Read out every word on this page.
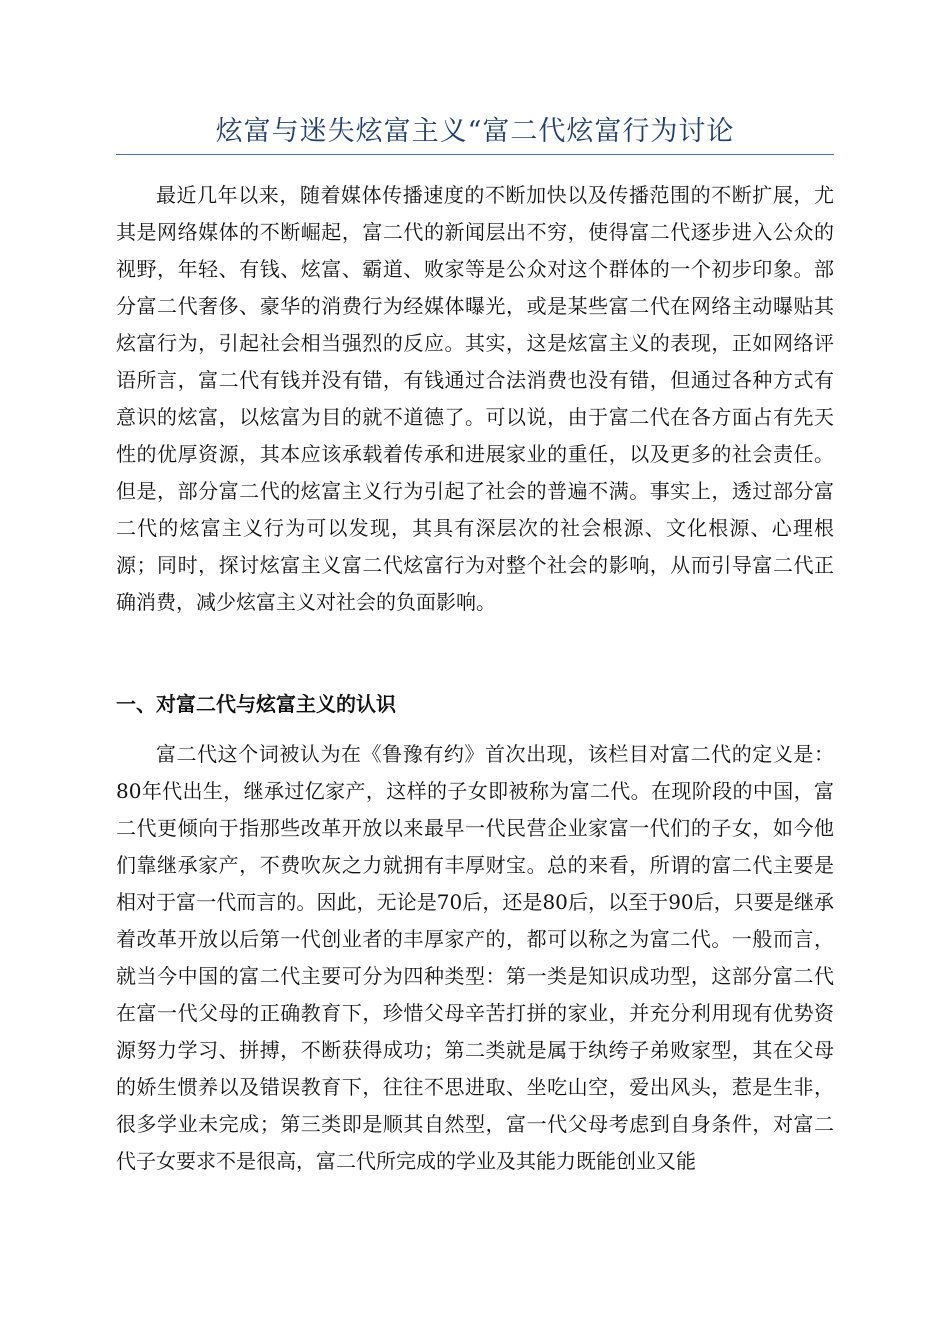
炫富与迷失炫富主义“富二代炫富行为讨论

最近几年以来，随着媒体传播速度的不断加快以及传播范围的不断扩展，尤其是网络媒体的不断崛起，富二代的新闻层出不穷，使得富二代逐步进入公众的视野，年轻、有钱、炫富、霸道、败家等是公众对这个群体的一个初步印象。部分富二代奢侈、豪华的消费行为经媒体曝光，或是某些富二代在网络主动曝贴其炫富行为，引起社会相当强烈的反应。其实，这是炫富主义的表现，正如网络评语所言，富二代有钱并没有错，有钱通过合法消费也没有错，但通过各种方式有意识的炫富，以炫富为目的就不道德了。可以说，由于富二代在各方面占有先天性的优厚资源，其本应该承载着传承和进展家业的重任，以及更多的社会责任。但是，部分富二代的炫富主义行为引起了社会的普遍不满。事实上，透过部分富二代的炫富主义行为可以发现，其具有深层次的社会根源、文化根源、心理根源；同时，探讨炫富主义富二代炫富行为对整个社会的影响，从而引导富二代正确消费，减少炫富主义对社会的负面影响。

一、对富二代与炫富主义的认识

富二代这个词被认为在《鲁豫有约》首次出现，该栏目对富二代的定义是：80年代出生，继承过亿家产，这样的子女即被称为富二代。在现阶段的中国，富二代更倾向于指那些改革开放以来最早一代民营企业家富一代们的子女，如今他们靠继承家产，不费吹灰之力就拥有丰厚财宝。总的来看，所谓的富二代主要是相对于富一代而言的。因此，无论是70后，还是80后，以至于90后，只要是继承着改革开放以后第一代创业者的丰厚家产的，都可以称之为富二代。一般而言，就当今中国的富二代主要可分为四种类型：第一类是知识成功型，这部分富二代在富一代父母的正确教育下，珍惜父母辛苦打拼的家业，并充分利用现有优势资源努力学习、拼搏，不断获得成功；第二类就是属于纨绔子弟败家型，其在父母的娇生惯养以及错误教育下，往往不思进取、坐吃山空，爱出风头，惹是生非，很多学业未完成；第三类即是顺其自然型，富一代父母考虑到自身条件，对富二代子女要求不是很高，富二代所完成的学业及其能力既能创业又能
